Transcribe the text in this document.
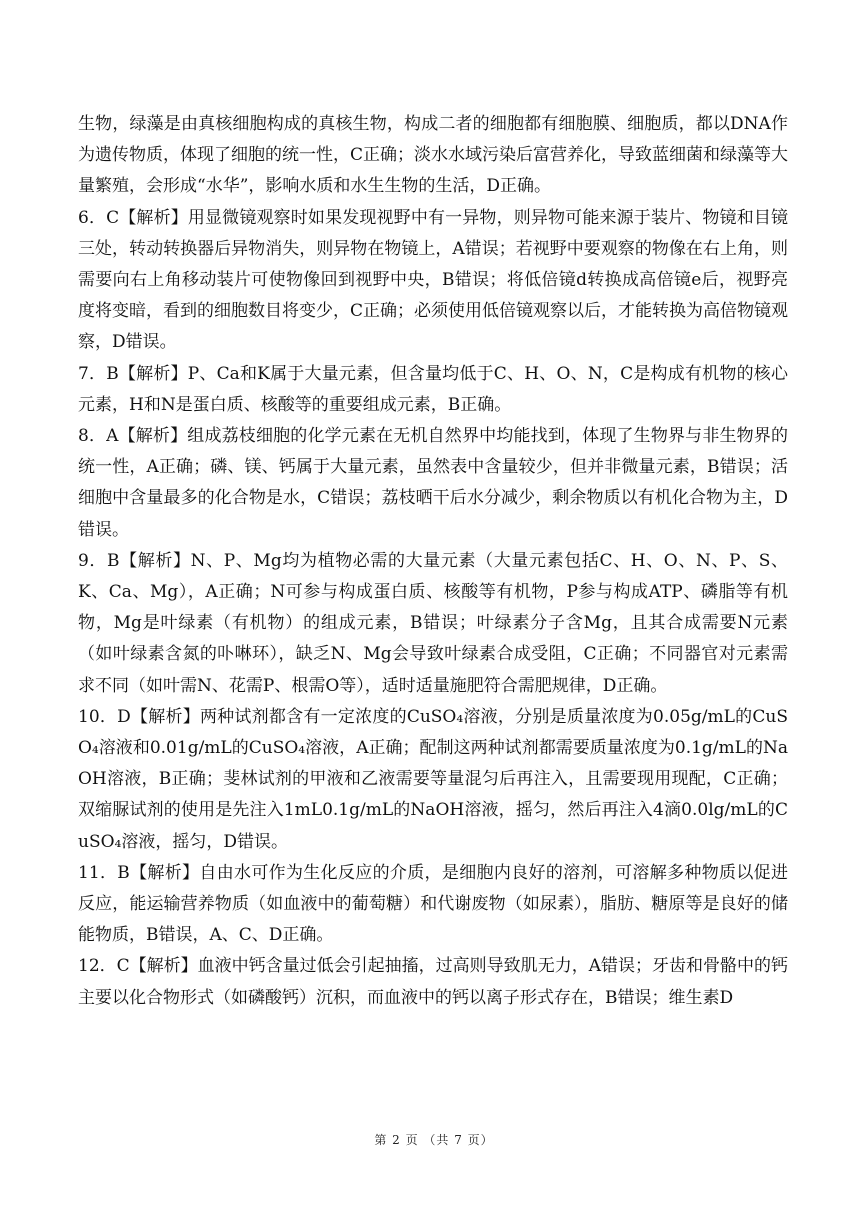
生物，绿藻是由真核细胞构成的真核生物，构成二者的细胞都有细胞膜、细胞质，都以DNA作为遗传物质，体现了细胞的统一性，C正确；淡水水域污染后富营养化，导致蓝细菌和绿藻等大量繁殖，会形成“水华”，影响水质和水生生物的生活，D正确。

6．C【解析】用显微镜观察时如果发现视野中有一异物，则异物可能来源于装片、物镜和目镜三处，转动转换器后异物消失，则异物在物镜上，A错误；若视野中要观察的物像在右上角，则需要向右上角移动装片可使物像回到视野中央，B错误；将低倍镜d转换成高倍镜e后，视野亮度将变暗，看到的细胞数目将变少，C正确；必须使用低倍镜观察以后，才能转换为高倍物镜观察，D错误。

7．B【解析】P、Ca和K属于大量元素，但含量均低于C、H、O、N，C是构成有机物的核心元素，H和N是蛋白质、核酸等的重要组成元素，B正确。

8．A【解析】组成荔枝细胞的化学元素在无机自然界中均能找到，体现了生物界与非生物界的统一性，A正确；磷、镁、钙属于大量元素，虽然表中含量较少，但并非微量元素，B错误；活细胞中含量最多的化合物是水，C错误；荔枝晒干后水分减少，剩余物质以有机化合物为主，D错误。

9．B【解析】N、P、Mg均为植物必需的大量元素（大量元素包括C、H、O、N、P、S、K、Ca、Mg），A正确；N可参与构成蛋白质、核酸等有机物，P参与构成ATP、磷脂等有机物，Mg是叶绿素（有机物）的组成元素，B错误；叶绿素分子含Mg，且其合成需要N元素（如叶绿素含氮的卟啉环），缺乏N、Mg会导致叶绿素合成受阻，C正确；不同器官对元素需求不同（如叶需N、花需P、根需O等），适时适量施肥符合需肥规律，D正确。

10．D【解析】两种试剂都含有一定浓度的CuSO₄溶液，分别是质量浓度为0.05g/mL的CuSO₄溶液和0.01g/mL的CuSO₄溶液，A正确；配制这两种试剂都需要质量浓度为0.1g/mL的NaOH溶液，B正确；斐林试剂的甲液和乙液需要等量混匀后再注入，且需要现用现配，C正确；双缩脲试剂的使用是先注入1mL0.1g/mL的NaOH溶液，摇匀，然后再注入4滴0.0lg/mL的CuSO₄溶液，摇匀，D错误。

11．B【解析】自由水可作为生化反应的介质，是细胞内良好的溶剂，可溶解多种物质以促进反应，能运输营养物质（如血液中的葡萄糖）和代谢废物（如尿素），脂肪、糖原等是良好的储能物质，B错误，A、C、D正确。

12．C【解析】血液中钙含量过低会引起抽搐，过高则导致肌无力，A错误；牙齿和骨骼中的钙主要以化合物形式（如磷酸钙）沉积，而血液中的钙以离子形式存在，B错误；维生素D

第 2 页 （共 7 页）
